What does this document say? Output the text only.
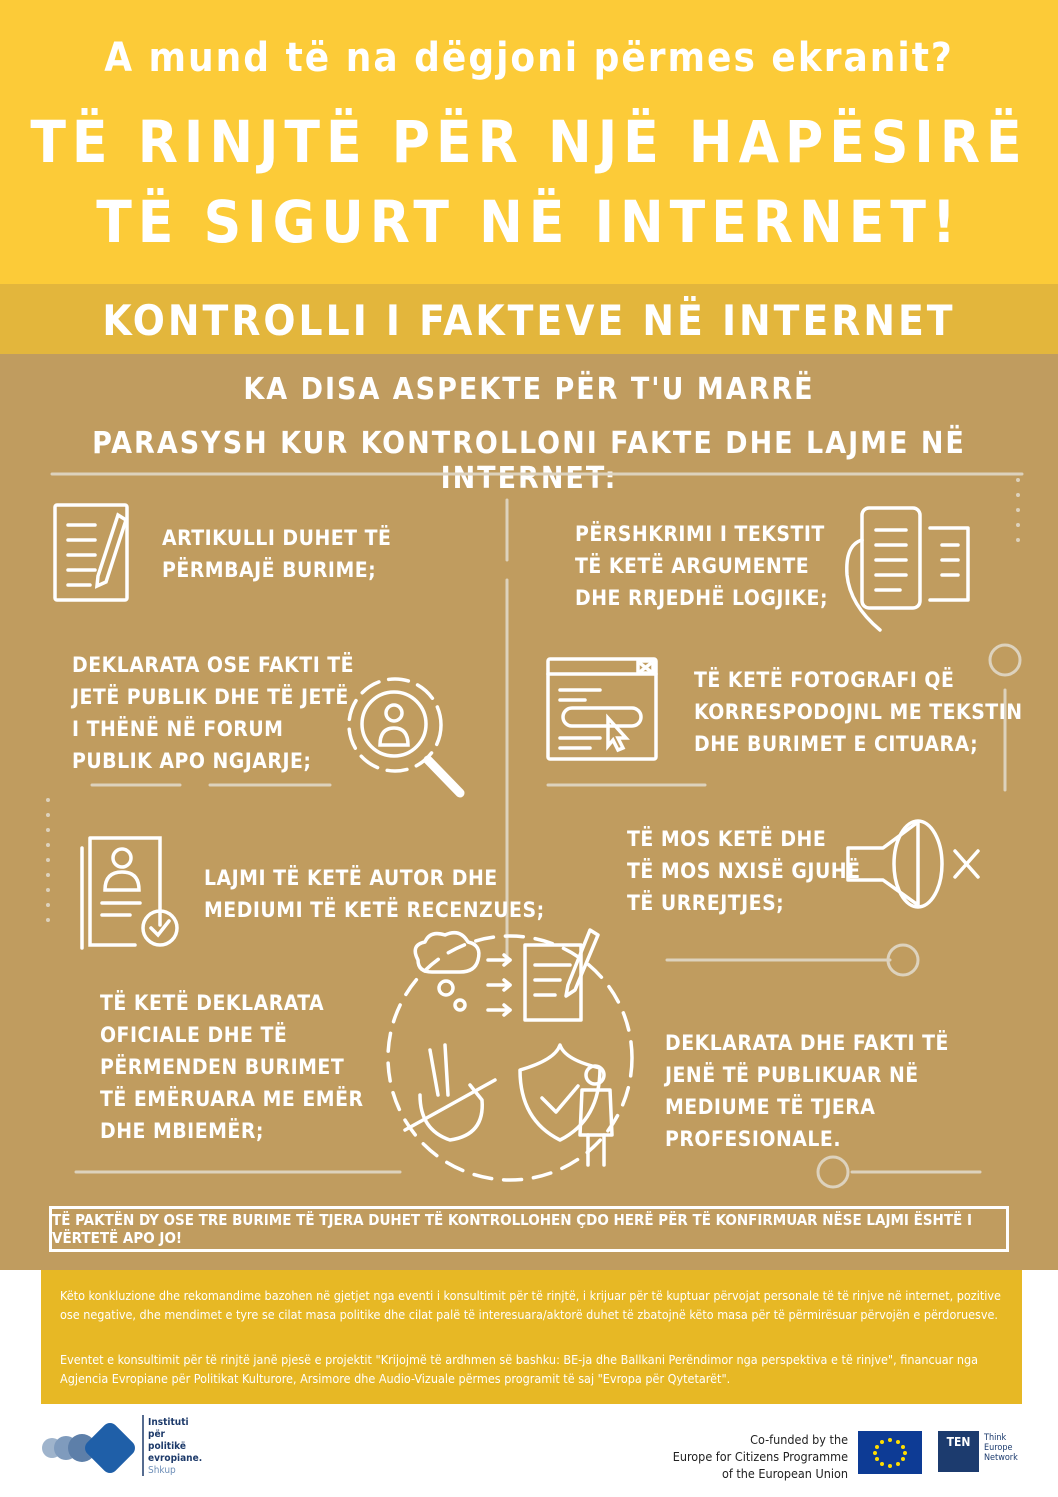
A mund të na dëgjoni përmes ekranit?
TË RINJTË PËR NJË HAPËSIRË
TË SIGURT NË INTERNET!
KONTROLLI I FAKTEVE NË INTERNET
KA DISA ASPEKTE PËR T'U MARRË
PARASYSH KUR KONTROLLONI FAKTE DHE LAJME NË INTERNET:
ARTIKULLI DUHET TË
PËRMBAJË BURIME;
PËRSHKRIMI I TEKSTIT
TË KETË ARGUMENTE
DHE RRJEDHË LOGJIKE;
DEKLARATA OSE FAKTI TË
JETË PUBLIK DHE TË JETË
I THËNË NË FORUM
PUBLIK APO NGJARJE;
TË KETË FOTOGRAFI QË
KORRESPODOJNL ME TEKSTIN
DHE BURIMET E CITUARA;
LAJMI TË KETË AUTOR DHE
MEDIUMI TË KETË RECENZUES;
TË MOS KETË DHE
TË MOS NXISË GJUHË
TË URREJTJES;
TË KETË DEKLARATA
OFICIALE DHE TË
PËRMENDEN BURIMET
TË EMËRUARA ME EMËR
DHE MBIEMËR;
DEKLARATA DHE FAKTI TË
JENË TË PUBLIKUAR NË
MEDIUME TË TJERA
PROFESIONALE.
TË PAKTËN DY OSE TRE BURIME TË TJERA DUHET TË KONTROLLOHEN ÇDO HERË PËR TË KONFIRMUAR NËSE LAJMI ËSHTË I VËRTETË APO JO!
Këto konkluzione dhe rekomandime bazohen në gjetjet nga eventi i konsultimit për të rinjtë, i krijuar për të kuptuar përvojat personale të të rinjve në internet, pozitive ose negative, dhe mendimet e tyre se cilat masa politike dhe cilat palë të interesuara/aktorë duhet të zbatojnë këto masa për të përmirësuar përvojën e përdoruesve.
Eventet e konsultimit për të rinjtë janë pjesë e projektit "Krijojmë të ardhmen së bashku: BE-ja dhe Ballkani Perëndimor nga perspektiva e të rinjve", financuar nga Agjencia Evropiane për Politikat Kulturore, Arsimore dhe Audio-Vizuale përmes programit të saj "Evropa për Qytetarët".
Instituti
për
politikë
evropiane.
Shkup
Co-funded by the
Europe for Citizens Programme
of the European Union
TEN	Think
Europe
Network
